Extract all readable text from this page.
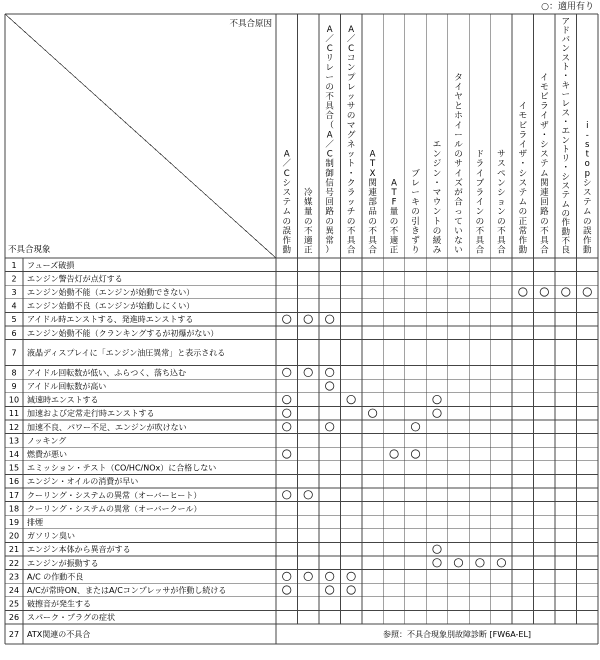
○：適用有り
不具合原因
不具合現象
A ／ C システムの誤作動
冷媒量の不適正
A ／ C リレーの不具合（ A ／ C 制御信号回路の異常）
A ／ C コンプレッサのマグネット・クラッチの不具合
A T X 関連部品の不具合
A T F 量の不適正
ブレーキの引きずり
エンジン・マウントの緩み
タイヤとホイールのサイズが合っていない
ドライブラインの不具合
サスペンションの不具合
イモビライザ・システムの正常作動
イモビライザ・システム関連回路の不具合
アドバンスト・キーレス・エントリ・システムの作動不良
i -s t o p システムの誤作動
1 フューズ破損
2 エンジン警告灯が点灯する
3 エンジン始動不能（エンジンが始動できない）
4 エンジン始動不良（エンジンが始動しにくい）
5 アイドル時エンストする、発進時エンストする
6 エンジン始動不能（クランキングするが初爆がない）
7 液晶ディスプレイに「エンジン油圧異常」と表示される
8 アイドル回転数が低い、ふらつく、落ち込む
9 アイドル回転数が高い
10 減速時エンストする
11 加速および定常走行時エンストする
12 加速不良、パワー不足、エンジンが吹けない
13 ノッキング
14 燃費が悪い
15 エミッション・テスト（CO/HC/NOx）に合格しない
16 エンジン・オイルの消費が早い
17 クーリング・システムの異常（オーバーヒート）
18 クーリング・システムの異常（オーバークール）
19 排煙
20 ガソリン臭い
21 エンジン本体から異音がする
22 エンジンが振動する
23 A/C の作動不良
24 A/Cが常時ON、またはA/Cコンプレッサが作動し続ける
25 破擦音が発生する
26 スパーク・プラグの症状
27 ATX関連の不具合	参照：不具合現象別故障診断 [FW6A-EL]
